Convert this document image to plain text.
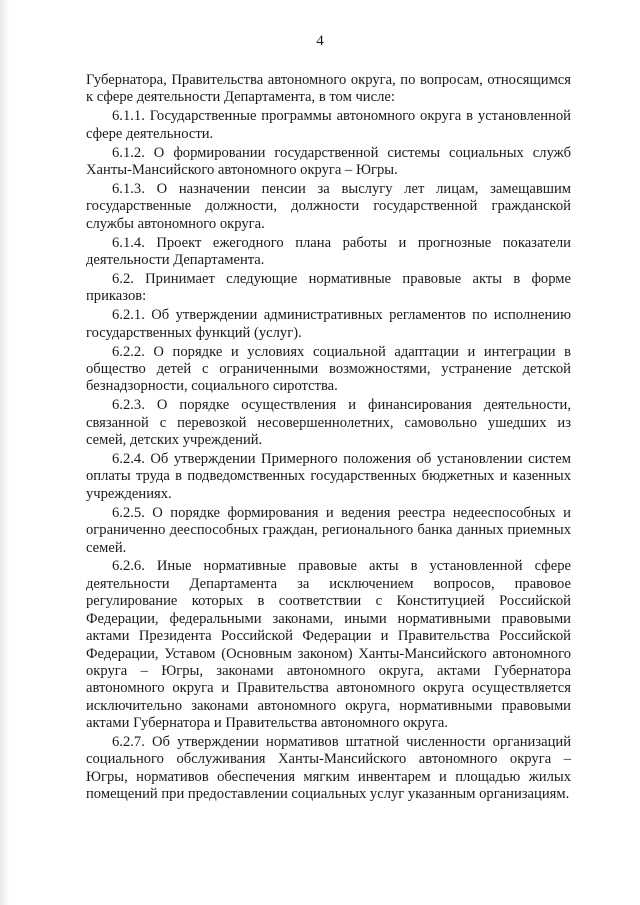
4

Губернатора, Правительства автономного округа, по вопросам, относящимся к сфере деятельности Департамента, в том числе:

6.1.1. Государственные программы автономного округа в установленной сфере деятельности.

6.1.2. О формировании государственной системы социальных служб Ханты-Мансийского автономного округа – Югры.

6.1.3. О назначении пенсии за выслугу лет лицам, замещавшим государственные должности, должности государственной гражданской службы автономного округа.

6.1.4. Проект ежегодного плана работы и прогнозные показатели деятельности Департамента.

6.2. Принимает следующие нормативные правовые акты в форме приказов:

6.2.1. Об утверждении административных регламентов по исполнению государственных функций (услуг).

6.2.2. О порядке и условиях социальной адаптации и интеграции в общество детей с ограниченными возможностями, устранение детской безнадзорности, социального сиротства.

6.2.3. О порядке осуществления и финансирования деятельности, связанной с перевозкой несовершеннолетних, самовольно ушедших из семей, детских учреждений.

6.2.4. Об утверждении Примерного положения об установлении систем оплаты труда в подведомственных государственных бюджетных и казенных учреждениях.

6.2.5. О порядке формирования и ведения реестра недееспособных и ограниченно дееспособных граждан, регионального банка данных приемных семей.

6.2.6. Иные нормативные правовые акты в установленной сфере деятельности Департамента за исключением вопросов, правовое регулирование которых в соответствии с Конституцией Российской Федерации, федеральными законами, иными нормативными правовыми актами Президента Российской Федерации и Правительства Российской Федерации, Уставом (Основным законом) Ханты-Мансийского автономного округа – Югры, законами автономного округа, актами Губернатора автономного округа и Правительства автономного округа осуществляется исключительно законами автономного округа, нормативными правовыми актами Губернатора и Правительства автономного округа.

6.2.7. Об утверждении нормативов штатной численности организаций социального обслуживания Ханты-Мансийского автономного округа – Югры, нормативов обеспечения мягким инвентарем и площадью жилых помещений при предоставлении социальных услуг указанным организациям.
